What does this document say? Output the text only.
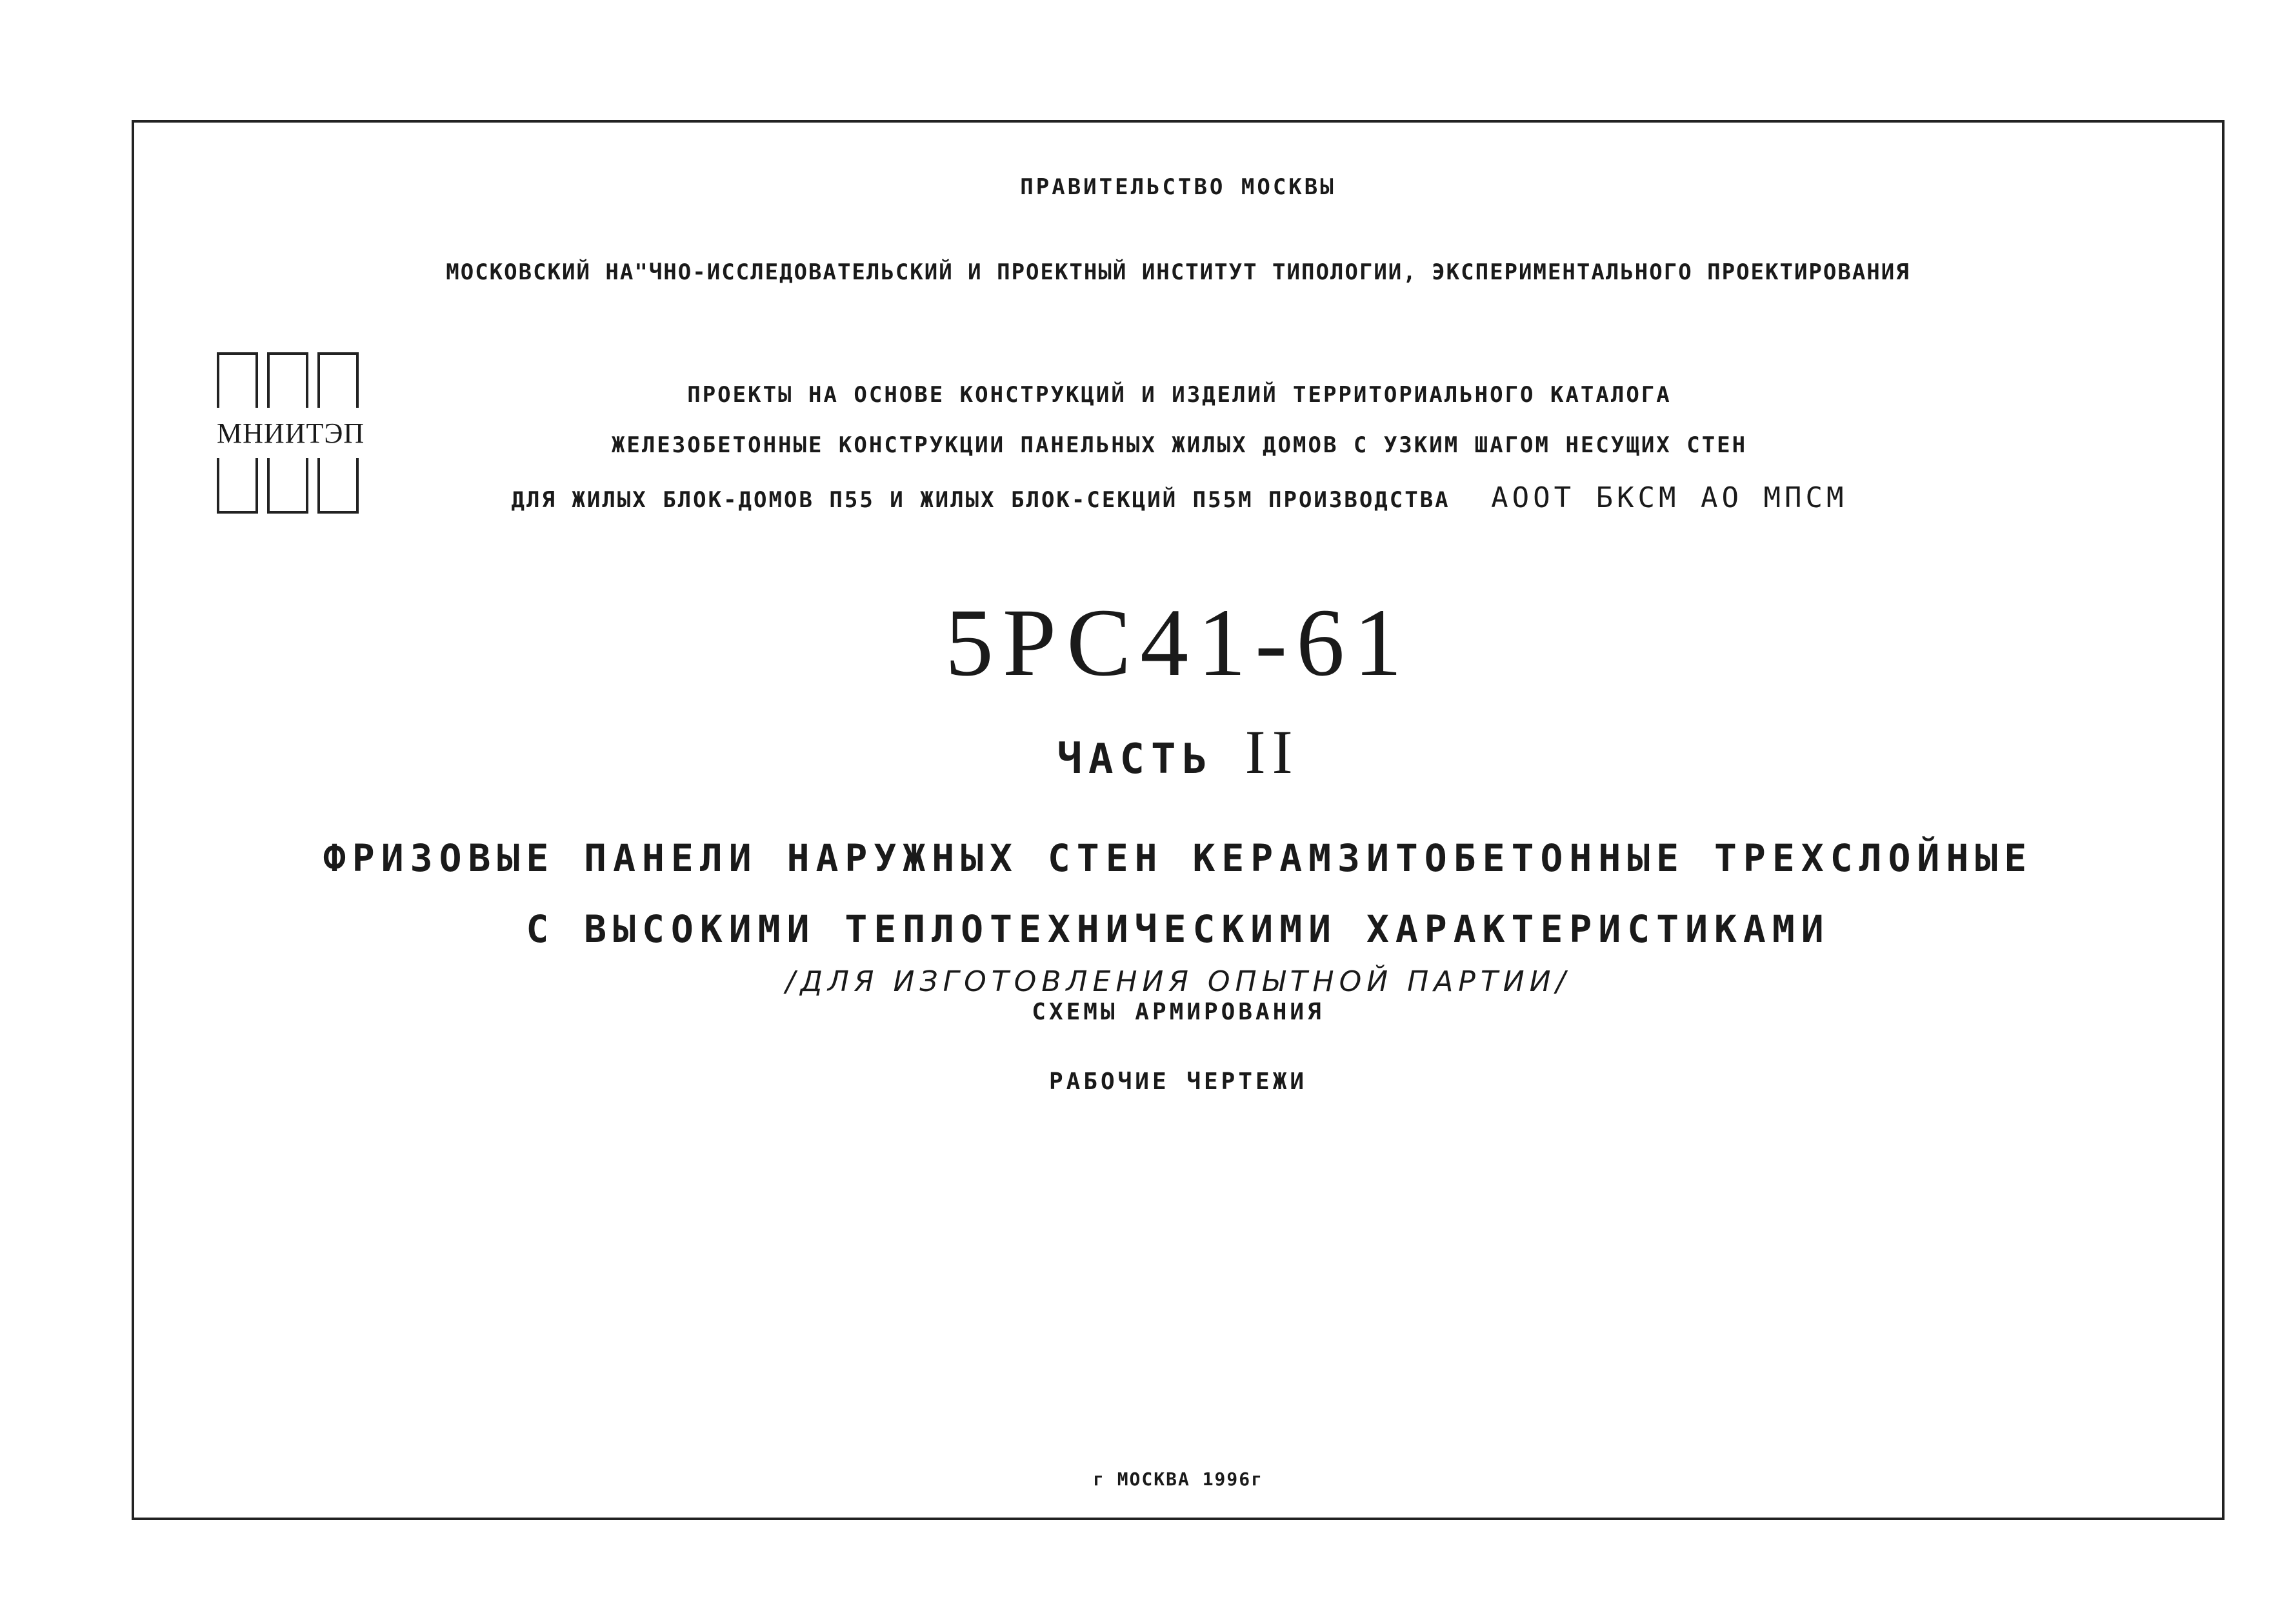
ПРАВИТЕЛЬСТВО МОСКВЫ
МОСКОВСКИЙ НА"ЧНО-ИССЛЕДОВАТЕЛЬСКИЙ И ПРОЕКТНЫЙ ИНСТИТУТ ТИПОЛОГИИ, ЭКСПЕРИМЕНТАЛЬНОГО ПРОЕКТИРОВАНИЯ
МНИИТЭП
ПРОЕКТЫ НА ОСНОВЕ КОНСТРУКЦИЙ И ИЗДЕЛИЙ ТЕРРИТОРИАЛЬНОГО КАТАЛОГА
ЖЕЛЕЗОБЕТОННЫЕ КОНСТРУКЦИИ ПАНЕЛЬНЫХ ЖИЛЫХ ДОМОВ С УЗКИМ ШАГОМ НЕСУЩИХ СТЕН
ДЛЯ ЖИЛЫХ БЛОК-ДОМОВ П55 И ЖИЛЫХ БЛОК-СЕКЦИЙ П55М ПРОИЗВОДСТВА АООТ БКСМ АО МПСМ
5РС41-61
ЧАСТЬ II
ФРИЗОВЫЕ ПАНЕЛИ НАРУЖНЫХ СТЕН КЕРАМЗИТОБЕТОННЫЕ ТРЕХСЛОЙНЫЕ
С ВЫСОКИМИ ТЕПЛОТЕХНИЧЕСКИМИ ХАРАКТЕРИСТИКАМИ
/ДЛЯ ИЗГОТОВЛЕНИЯ ОПЫТНОЙ ПАРТИИ/
СХЕМЫ АРМИРОВАНИЯ
РАБОЧИЕ ЧЕРТЕЖИ
г МОСКВА 1996г
